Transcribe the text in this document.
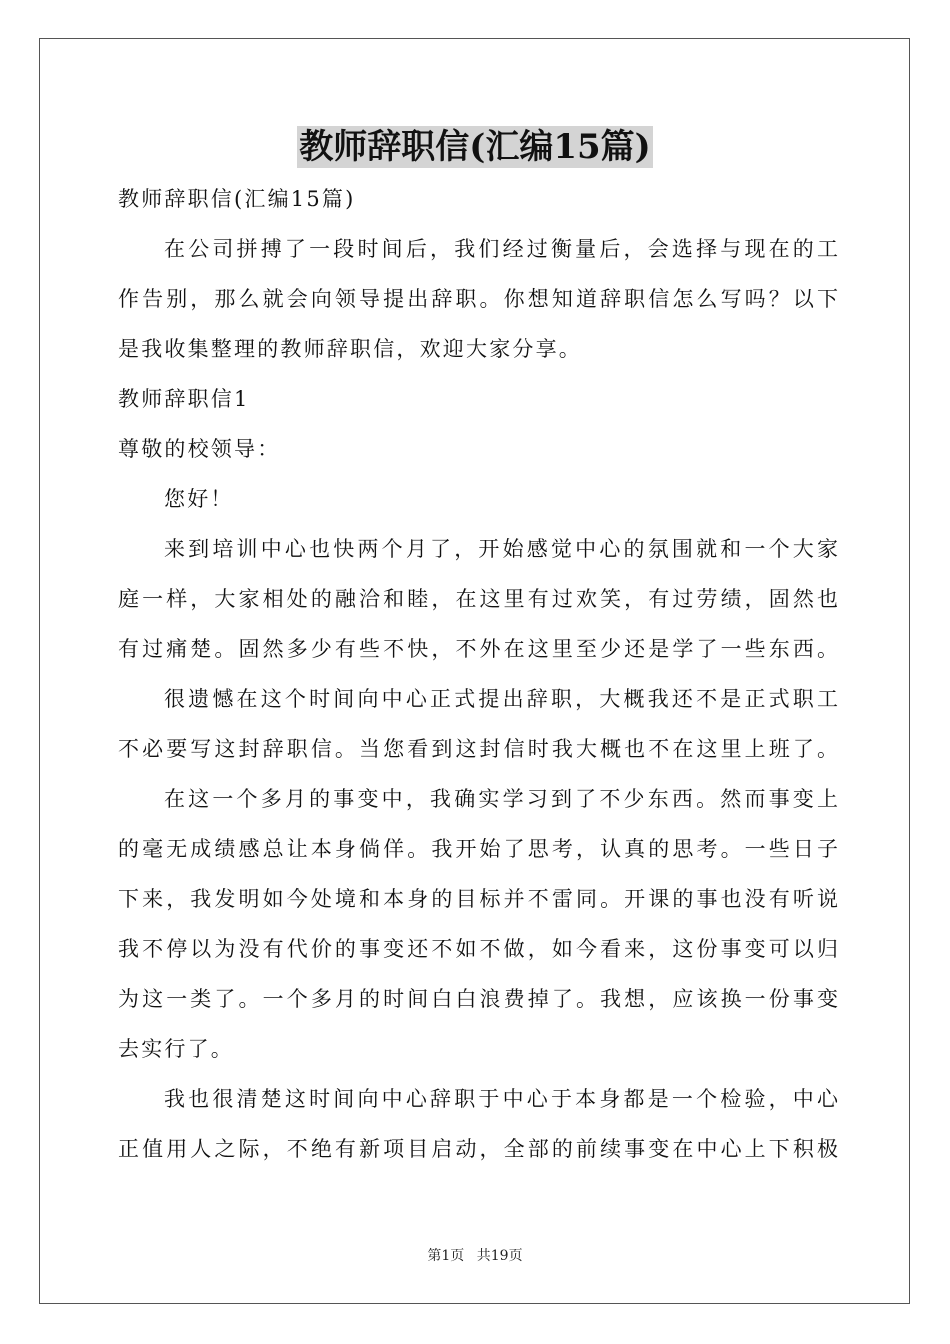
教师辞职信(汇编15篇)
教师辞职信(汇编15篇)
在公司拼搏了一段时间后，我们经过衡量后，会选择与现在的工
作告别，那么就会向领导提出辞职。你想知道辞职信怎么写吗？以下
是我收集整理的教师辞职信，欢迎大家分享。
教师辞职信1
尊敬的校领导：
您好！
来到培训中心也快两个月了，开始感觉中心的氛围就和一个大家
庭一样，大家相处的融洽和睦，在这里有过欢笑，有过劳绩，固然也
有过痛楚。固然多少有些不快，不外在这里至少还是学了一些东西。
很遗憾在这个时间向中心正式提出辞职，大概我还不是正式职工
不必要写这封辞职信。当您看到这封信时我大概也不在这里上班了。
在这一个多月的事变中，我确实学习到了不少东西。然而事变上
的毫无成绩感总让本身倘佯。我开始了思考，认真的思考。一些日子
下来，我发明如今处境和本身的目标并不雷同。开课的事也没有听说
我不停以为没有代价的事变还不如不做，如今看来，这份事变可以归
为这一类了。一个多月的时间白白浪费掉了。我想，应该换一份事变
去实行了。
我也很清楚这时间向中心辞职于中心于本身都是一个检验，中心
正值用人之际，不绝有新项目启动，全部的前续事变在中心上下积极
第1页 共19页
